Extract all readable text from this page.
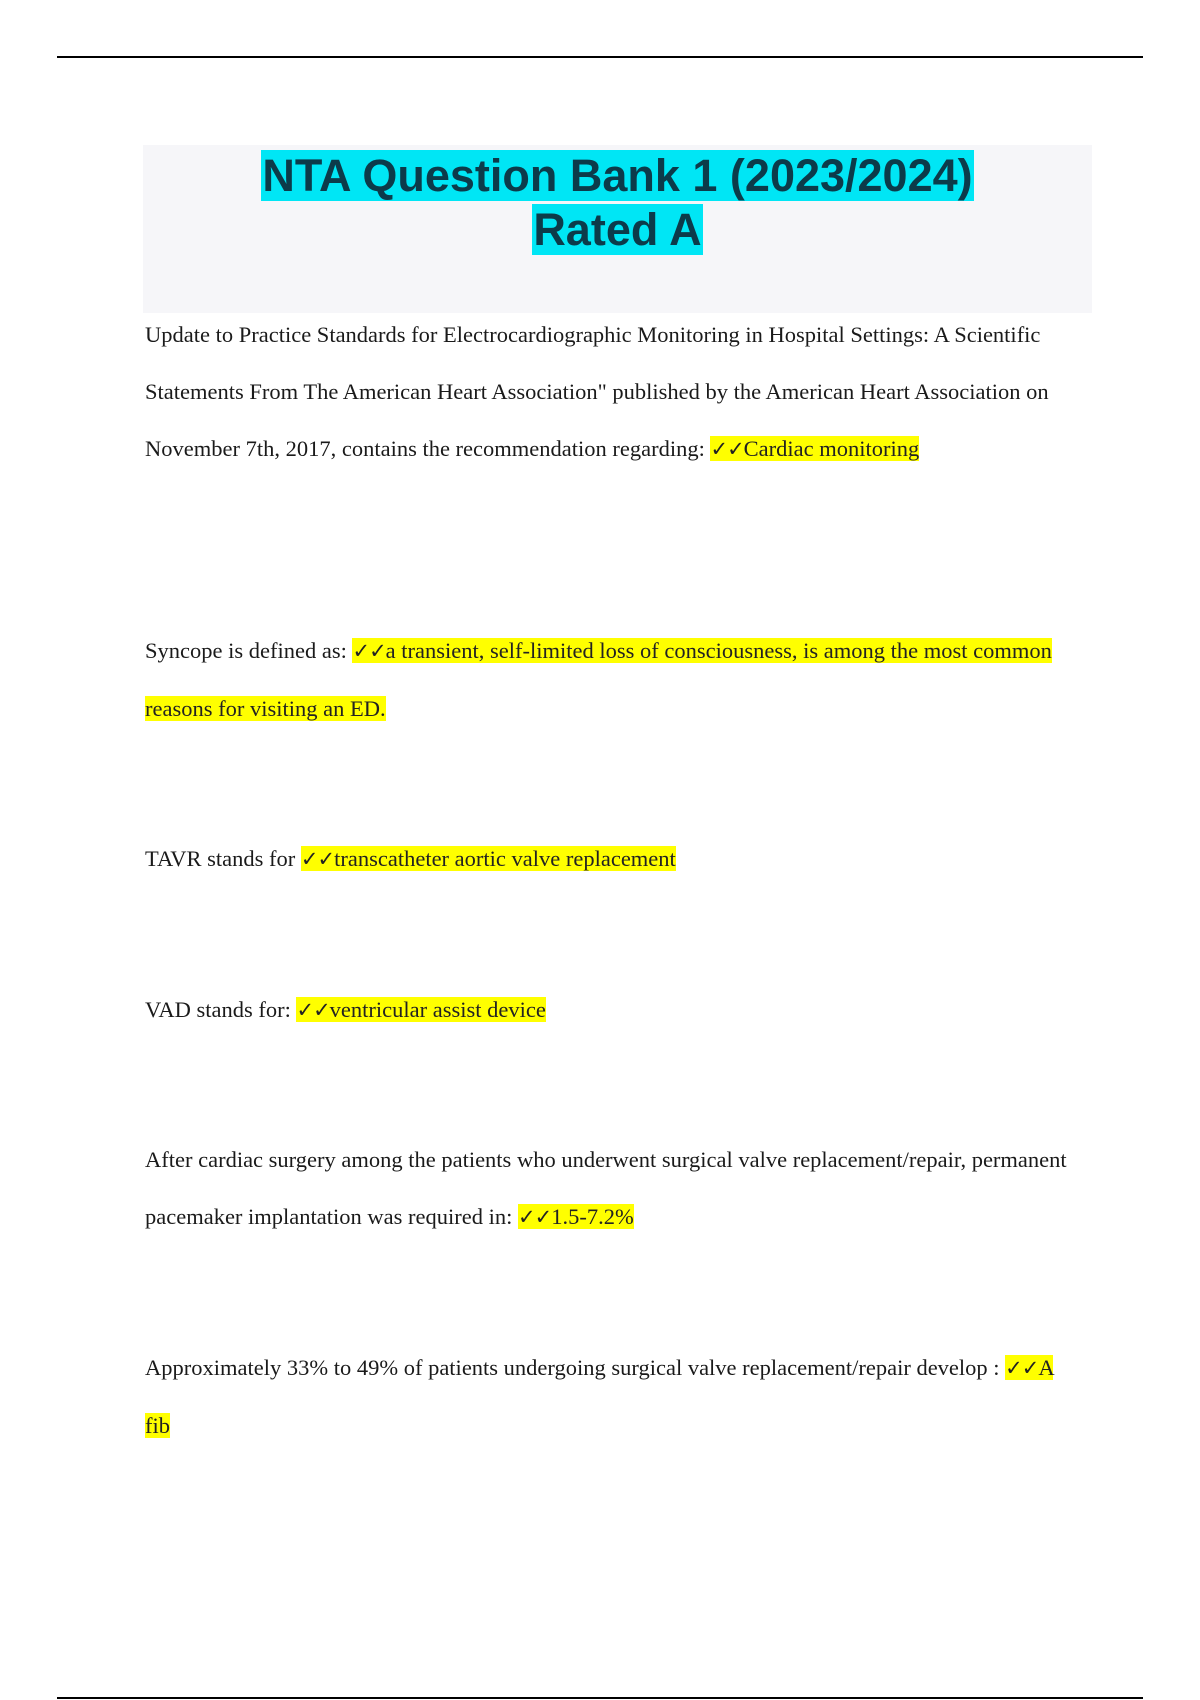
NTA Question Bank 1 (2023/2024)
Rated A

Update to Practice Standards for Electrocardiographic Monitoring in Hospital Settings: A Scientific Statements From The American Heart Association" published by the American Heart Association on November 7th, 2017, contains the recommendation regarding: ✓✓Cardiac monitoring

Syncope is defined as: ✓✓a transient, self-limited loss of consciousness, is among the most common reasons for visiting an ED.

TAVR stands for ✓✓transcatheter aortic valve replacement

VAD stands for: ✓✓ventricular assist device

After cardiac surgery among the patients who underwent surgical valve replacement/repair, permanent pacemaker implantation was required in: ✓✓1.5-7.2%

Approximately 33% to 49% of patients undergoing surgical valve replacement/repair develop : ✓✓A fib
